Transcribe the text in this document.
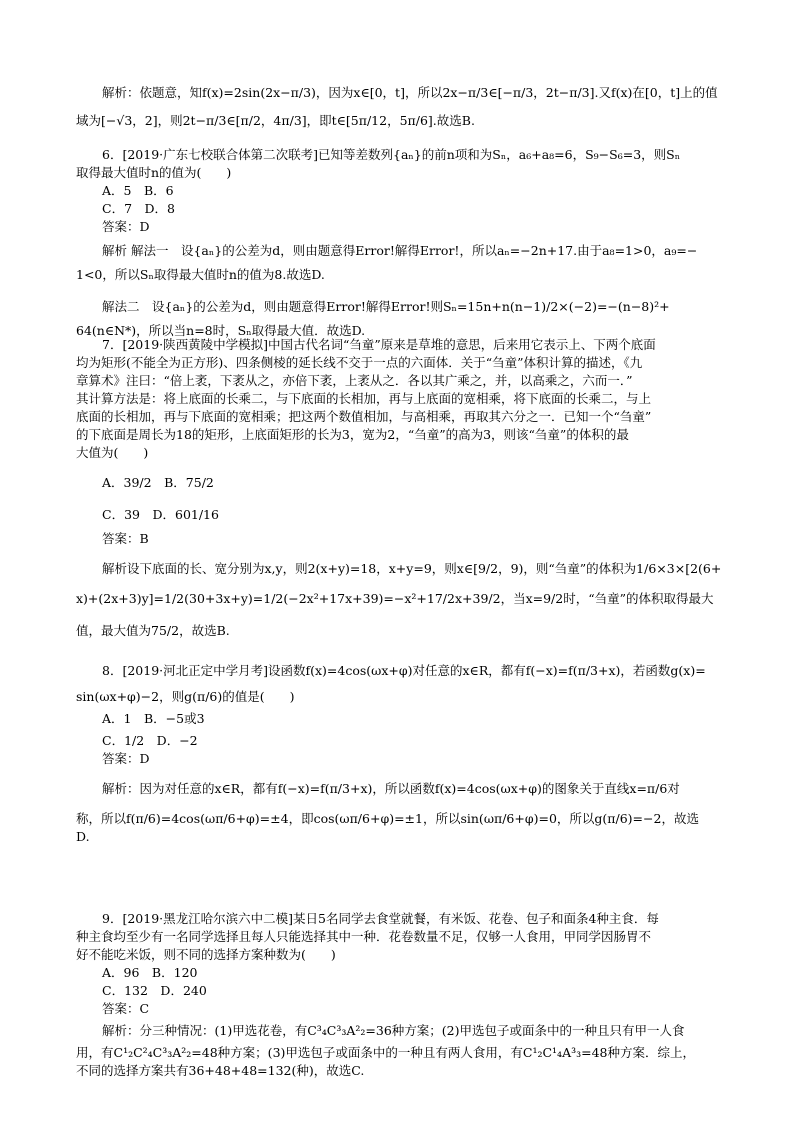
解析：依题意，知f(x)=2sin(2x−π/3)，因为x∈[0，t]，所以2x−π/3∈[−π/3，2t−π/3].又f(x)在[0，t]上的值

域为[−√3，2]，则2t−π/3∈[π/2，4π/3]，即t∈[5π/12，5π/6].故选B.

6．[2019·广东七校联合体第二次联考]已知等差数列{aₙ}的前n项和为Sₙ，a₆+a₈=6，S₉−S₆=3，则Sₙ

取得最大值时n的值为(　　)

A．5　B．6

C．7　D．8

答案：D

解析 解法一　设{aₙ}的公差为d，则由题意得Error!解得Error!，所以aₙ=−2n+17.由于a₈=1>0，a₉=−

1<0，所以Sₙ取得最大值时n的值为8.故选D.

解法二　设{aₙ}的公差为d，则由题意得Error!解得Error!则Sₙ=15n+n(n−1)/2×(−2)=−(n−8)²+

64(n∈N*)，所以当n=8时，Sₙ取得最大值．故选D.

7．[2019·陕西黄陵中学模拟]中国古代名词“刍童”原来是草堆的意思，后来用它表示上、下两个底面

均为矩形(不能全为正方形)、四条侧棱的延长线不交于一点的六面体．关于“刍童”体积计算的描述，《九

章算术》注曰：“倍上袤，下袤从之，亦倍下袤，上袤从之．各以其广乘之，并，以高乘之，六而一．”

其计算方法是：将上底面的长乘二，与下底面的长相加，再与上底面的宽相乘，将下底面的长乘二，与上

底面的长相加，再与下底面的宽相乘；把这两个数值相加，与高相乘，再取其六分之一．已知一个“刍童”

的下底面是周长为18的矩形，上底面矩形的长为3，宽为2，“刍童”的高为3，则该“刍童”的体积的最

大值为(　　)

A．39/2　B．75/2

C．39　D．601/16

答案：B

解析设下底面的长、宽分别为x,y，则2(x+y)=18，x+y=9，则x∈[9/2，9)，则“刍童”的体积为1/6×3×[2(6+

x)+(2x+3)y]=1/2(30+3x+y)=1/2(−2x²+17x+39)=−x²+17/2x+39/2，当x=9/2时，“刍童”的体积取得最大

值，最大值为75/2，故选B.

8．[2019·河北正定中学月考]设函数f(x)=4cos(ωx+φ)对任意的x∈R，都有f(−x)=f(π/3+x)，若函数g(x)=

sin(ωx+φ)−2，则g(π/6)的值是(　　)

A．1　B．−5或3

C．1/2　D．−2

答案：D

解析：因为对任意的x∈R，都有f(−x)=f(π/3+x)，所以函数f(x)=4cos(ωx+φ)的图象关于直线x=π/6对

称，所以f(π/6)=4cos(ωπ/6+φ)=±4，即cos(ωπ/6+φ)=±1，所以sin(ωπ/6+φ)=0，所以g(π/6)=−2，故选

D.

9．[2019·黑龙江哈尔滨六中二模]某日5名同学去食堂就餐，有米饭、花卷、包子和面条4种主食．每

种主食均至少有一名同学选择且每人只能选择其中一种．花卷数量不足，仅够一人食用，甲同学因肠胃不

好不能吃米饭，则不同的选择方案种数为(　　)

A．96　B．120

C．132　D．240

答案：C

解析：分三种情况：(1)甲选花卷，有C³₄C³₃A²₂=36种方案；(2)甲选包子或面条中的一种且只有甲一人食

用，有C¹₂C²₄C³₃A²₂=48种方案；(3)甲选包子或面条中的一种且有两人食用，有C¹₂C¹₄A³₃=48种方案．综上，

不同的选择方案共有36+48+48=132(种)，故选C.
